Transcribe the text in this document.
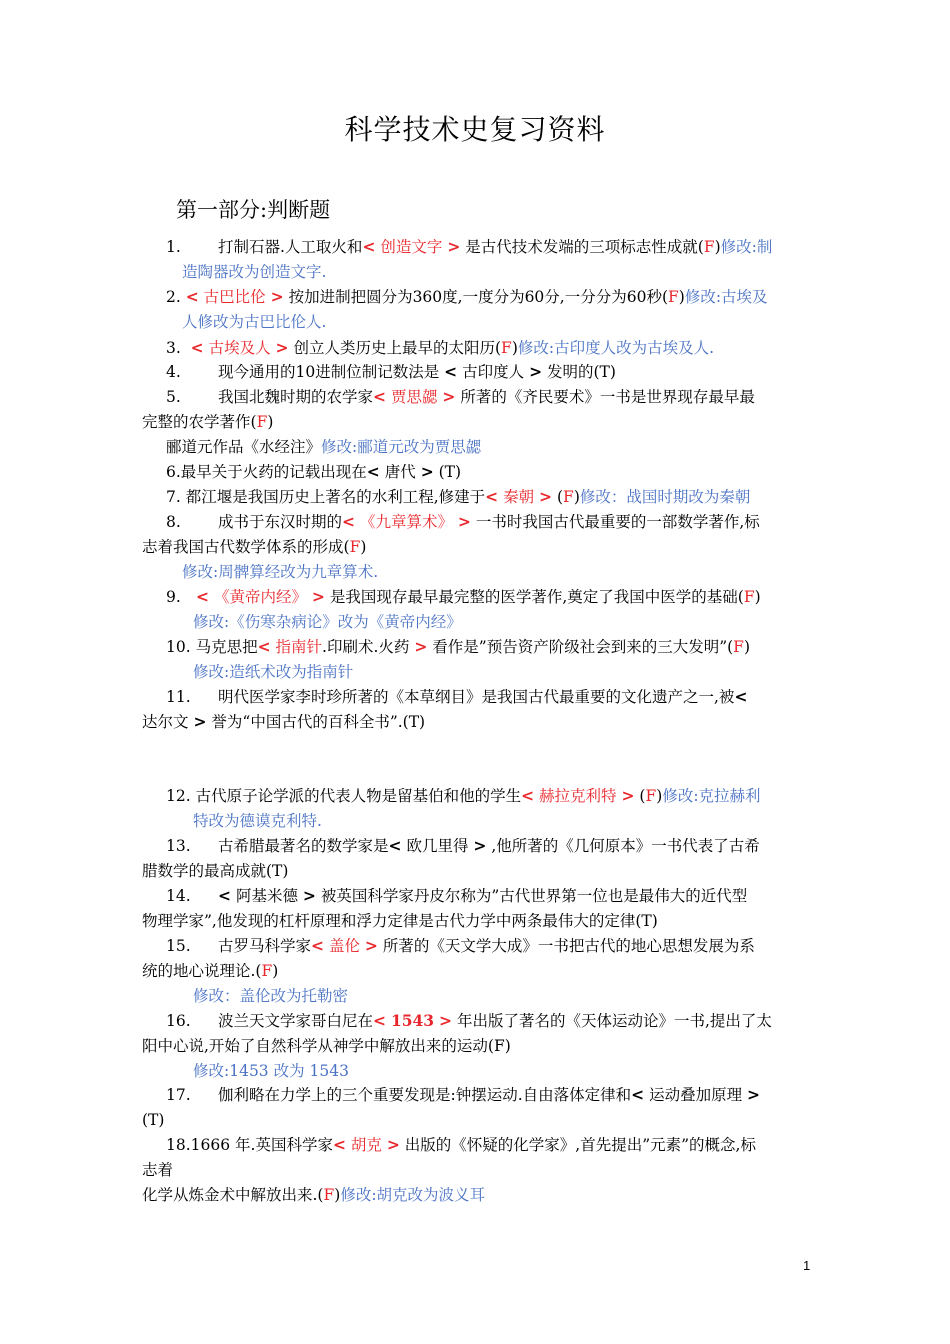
科学技术史复习资料
第一部分:判断题
1. 打制石器.人工取火和< 创造文字 > 是古代技术发端的三项标志性成就(F)修改:制
造陶器改为创造文字.
2. < 古巴比伦 > 按加进制把圆分为360度,一度分为60分,一分分为60秒(F)修改:古埃及
人修改为古巴比伦人.
3. < 古埃及人 > 创立人类历史上最早的太阳历(F)修改:古印度人改为古埃及人.
4. 现今通用的10进制位制记数法是 < 古印度人 > 发明的(T)
5. 我国北魏时期的农学家< 贾思勰 > 所著的《齐民要术》一书是世界现存最早最
完整的农学著作(F)
郦道元作品《水经注》修改:郦道元改为贾思勰
6.最早关于火药的记载出现在< 唐代 > (T)
7. 都江堰是我国历史上著名的水利工程,修建于< 秦朝 > (F)修改：战国时期改为秦朝
8. 成书于东汉时期的< 《九章算术》 > 一书时我国古代最重要的一部数学著作,标
志着我国古代数学体系的形成(F)
修改:周髀算经改为九章算术.
9. < 《黄帝内经》 > 是我国现存最早最完整的医学著作,奠定了我国中医学的基础(F)
修改:《伤寒杂病论》改为《黄帝内经》
10. 马克思把< 指南针.印刷术.火药 > 看作是”预告资产阶级社会到来的三大发明”(F)
修改:造纸术改为指南针
11. 明代医学家李时珍所著的《本草纲目》是我国古代最重要的文化遗产之一,被<
达尔文 > 誉为“中国古代的百科全书”.(T)
12. 古代原子论学派的代表人物是留基伯和他的学生< 赫拉克利特 > (F)修改:克拉赫利
特改为德谟克利特.
13. 古希腊最著名的数学家是< 欧几里得 > ,他所著的《几何原本》一书代表了古希
腊数学的最高成就(T)
14. < 阿基米德 > 被英国科学家丹皮尔称为”古代世界第一位也是最伟大的近代型
物理学家”,他发现的杠杆原理和浮力定律是古代力学中两条最伟大的定律(T)
15. 古罗马科学家< 盖伦 > 所著的《天文学大成》一书把古代的地心思想发展为系
统的地心说理论.(F)
修改：盖伦改为托勒密
16. 波兰天文学家哥白尼在< 1543 > 年出版了著名的《天体运动论》一书,提出了太
阳中心说,开始了自然科学从神学中解放出来的运动(F)
修改:1453 改为 1543
17. 伽利略在力学上的三个重要发现是:钟摆运动.自由落体定律和< 运动叠加原理 >
(T)
18.1666 年.英国科学家< 胡克 > 出版的《怀疑的化学家》,首先提出”元素”的概念,标
志着
化学从炼金术中解放出来.(F)修改:胡克改为波义耳
1
